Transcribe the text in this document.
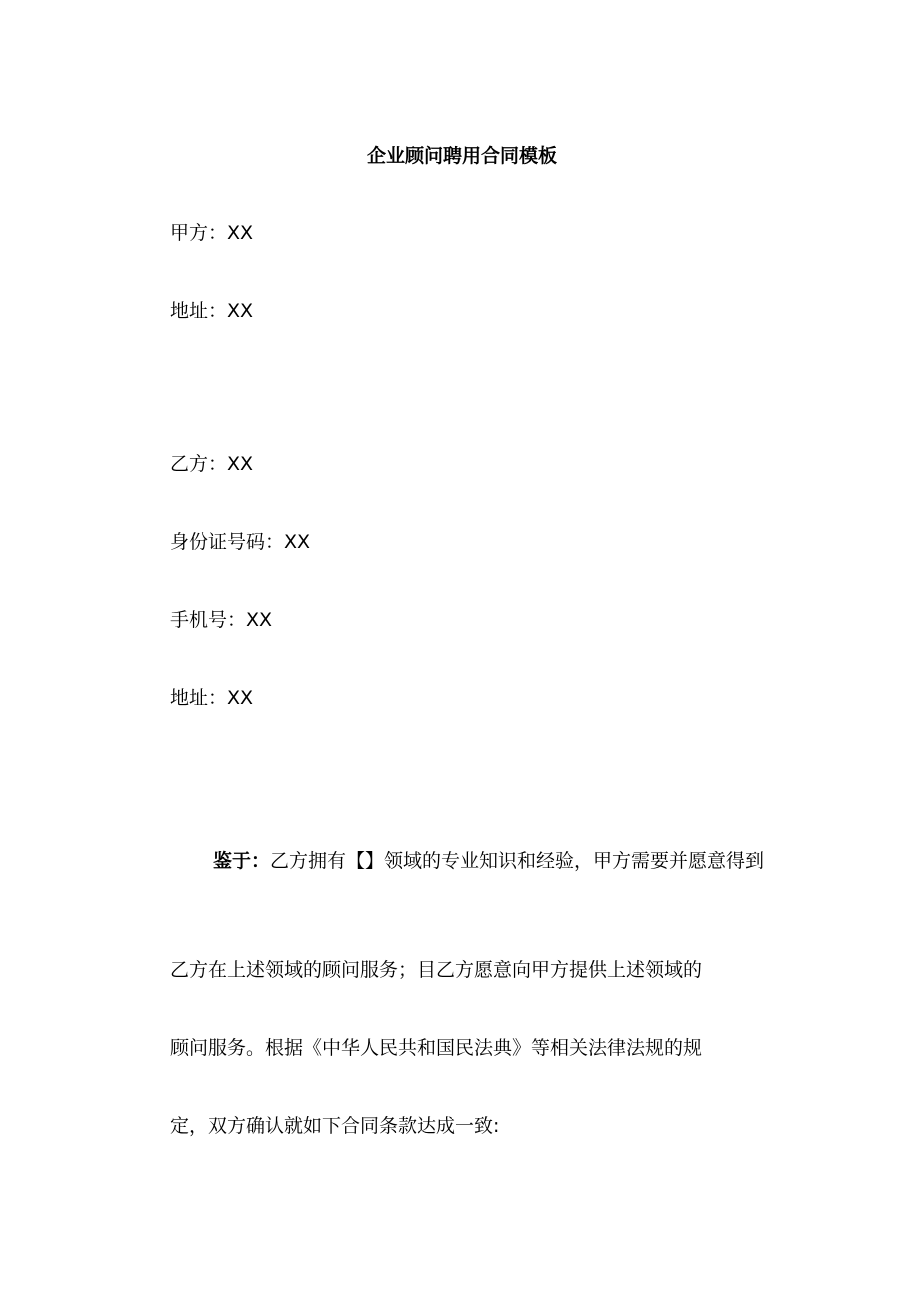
企业顾问聘用合同模板
甲方：XX
地址：XX
乙方：XX
身份证号码：XX
手机号：XX
地址：XX
鉴于：乙方拥有【】领域的专业知识和经验，甲方需要并愿意得到
乙方在上述领域的顾问服务；目乙方愿意向甲方提供上述领域的
顾问服务。根据《中华人民共和国民法典》等相关法律法规的规
定，双方确认就如下合同条款达成一致:
